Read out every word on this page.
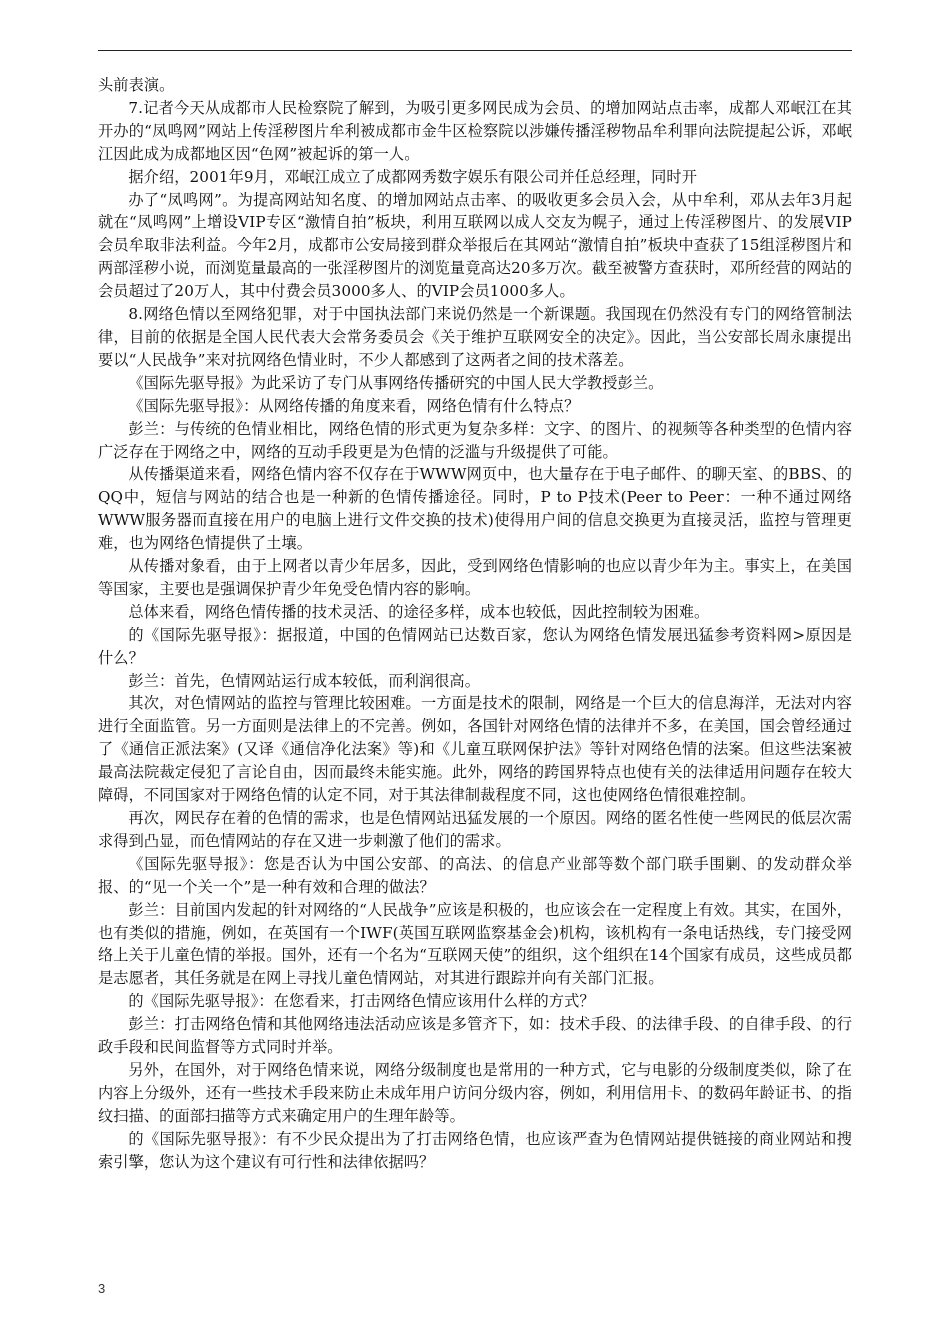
头前表演。

7.记者今天从成都市人民检察院了解到，为吸引更多网民成为会员、的增加网站点击率，成都人邓岷江在其开办的“凤鸣网”网站上传淫秽图片牟利被成都市金牛区检察院以涉嫌传播淫秽物品牟利罪向法院提起公诉，邓岷江因此成为成都地区因“色网”被起诉的第一人。

据介绍，2001年9月，邓岷江成立了成都网秀数字娱乐有限公司并任总经理，同时开

办了“凤鸣网”。为提高网站知名度、的增加网站点击率、的吸收更多会员入会，从中牟利，邓从去年3月起就在“凤鸣网”上增设VIP专区“激情自拍”板块，利用互联网以成人交友为幌子，通过上传淫秽图片、的发展VIP会员牟取非法利益。今年2月，成都市公安局接到群众举报后在其网站“激情自拍”板块中查获了15组淫秽图片和两部淫秽小说，而浏览量最高的一张淫秽图片的浏览量竟高达20多万次。截至被警方查获时，邓所经营的网站的会员超过了20万人，其中付费会员3000多人、的VIP会员1000多人。

8.网络色情以至网络犯罪，对于中国执法部门来说仍然是一个新课题。我国现在仍然没有专门的网络管制法律，目前的依据是全国人民代表大会常务委员会《关于维护互联网安全的决定》。因此，当公安部长周永康提出要以“人民战争”来对抗网络色情业时，不少人都感到了这两者之间的技术落差。

《国际先驱导报》为此采访了专门从事网络传播研究的中国人民大学教授彭兰。

《国际先驱导报》：从网络传播的角度来看，网络色情有什么特点？

彭兰：与传统的色情业相比，网络色情的形式更为复杂多样：文字、的图片、的视频等各种类型的色情内容广泛存在于网络之中，网络的互动手段更是为色情的泛滥与升级提供了可能。

从传播渠道来看，网络色情内容不仅存在于WWW网页中，也大量存在于电子邮件、的聊天室、的BBS、的QQ中，短信与网站的结合也是一种新的色情传播途径。同时，P to P技术(Peer to Peer：一种不通过网络WWW服务器而直接在用户的电脑上进行文件交换的技术)使得用户间的信息交换更为直接灵活，监控与管理更难，也为网络色情提供了土壤。

从传播对象看，由于上网者以青少年居多，因此，受到网络色情影响的也应以青少年为主。事实上，在美国等国家，主要也是强调保护青少年免受色情内容的影响。

总体来看，网络色情传播的技术灵活、的途径多样，成本也较低，因此控制较为困难。

的《国际先驱导报》：据报道，中国的色情网站已达数百家，您认为网络色情发展迅猛参考资料网>原因是什么？

彭兰：首先，色情网站运行成本较低，而利润很高。

其次，对色情网站的监控与管理比较困难。一方面是技术的限制，网络是一个巨大的信息海洋，无法对内容进行全面监管。另一方面则是法律上的不完善。例如，各国针对网络色情的法律并不多，在美国，国会曾经通过了《通信正派法案》(又译《通信净化法案》等)和《儿童互联网保护法》等针对网络色情的法案。但这些法案被最高法院裁定侵犯了言论自由，因而最终未能实施。此外，网络的跨国界特点也使有关的法律适用问题存在较大障碍，不同国家对于网络色情的认定不同，对于其法律制裁程度不同，这也使网络色情很难控制。

再次，网民存在着的色情的需求，也是色情网站迅猛发展的一个原因。网络的匿名性使一些网民的低层次需求得到凸显，而色情网站的存在又进一步刺激了他们的需求。

《国际先驱导报》：您是否认为中国公安部、的高法、的信息产业部等数个部门联手围剿、的发动群众举报、的“见一个关一个”是一种有效和合理的做法？

彭兰：目前国内发起的针对网络的“人民战争”应该是积极的，也应该会在一定程度上有效。其实，在国外，也有类似的措施，例如，在英国有一个IWF(英国互联网监察基金会)机构，该机构有一条电话热线，专门接受网络上关于儿童色情的举报。国外，还有一个名为“互联网天使”的组织，这个组织在14个国家有成员，这些成员都是志愿者，其任务就是在网上寻找儿童色情网站，对其进行跟踪并向有关部门汇报。

的《国际先驱导报》：在您看来，打击网络色情应该用什么样的方式？

彭兰：打击网络色情和其他网络违法活动应该是多管齐下，如：技术手段、的法律手段、的自律手段、的行政手段和民间监督等方式同时并举。

另外，在国外，对于网络色情来说，网络分级制度也是常用的一种方式，它与电影的分级制度类似，除了在内容上分级外，还有一些技术手段来防止未成年用户访问分级内容，例如，利用信用卡、的数码年龄证书、的指纹扫描、的面部扫描等方式来确定用户的生理年龄等。

的《国际先驱导报》：有不少民众提出为了打击网络色情，也应该严查为色情网站提供链接的商业网站和搜索引擎，您认为这个建议有可行性和法律依据吗？

3
